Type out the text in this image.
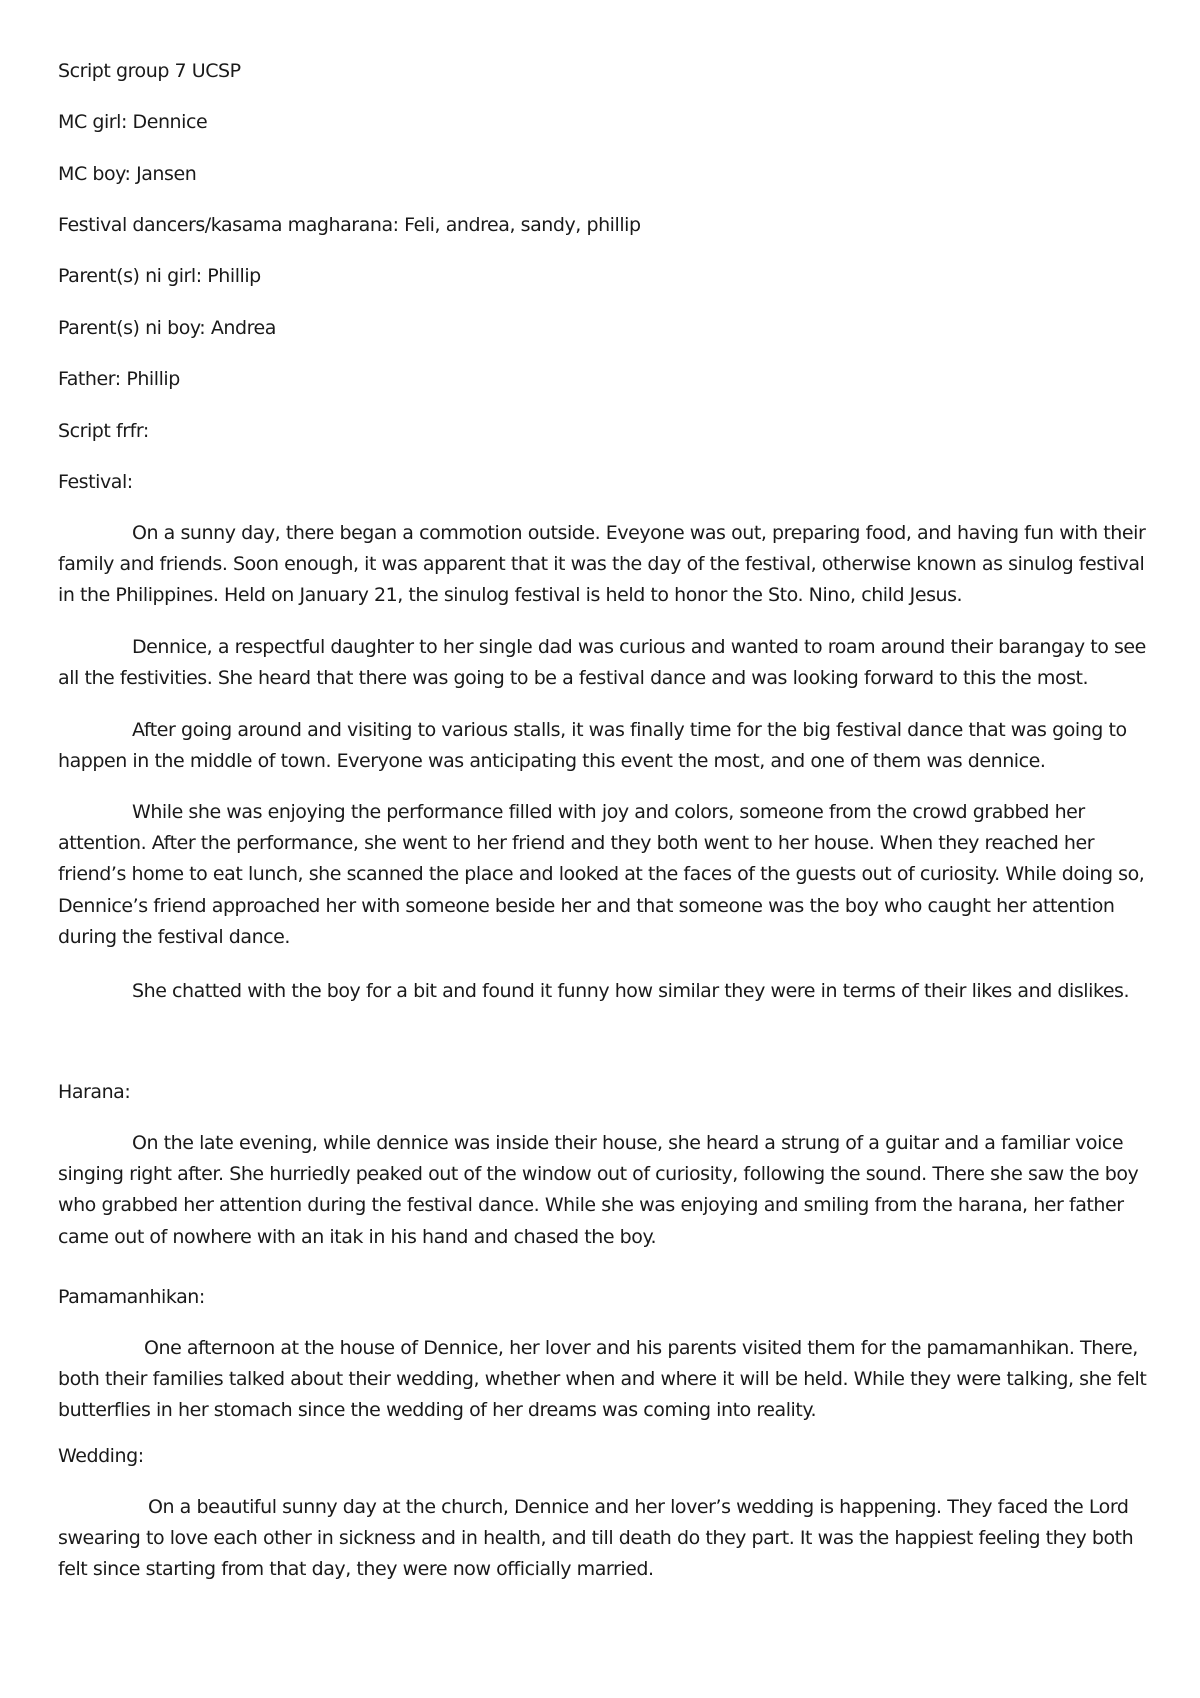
Script group 7 UCSP
MC girl: Dennice
MC boy: Jansen
Festival dancers/kasama magharana: Feli, andrea, sandy, phillip
Parent(s) ni girl: Phillip
Parent(s) ni boy: Andrea
Father: Phillip
Script frfr:
Festival:

On a sunny day, there began a commotion outside. Eveyone was out, preparing food, and having fun with their family and friends. Soon enough, it was apparent that it was the day of the festival, otherwise known as sinulog festival in the Philippines. Held on January 21, the sinulog festival is held to honor the Sto. Nino, child Jesus.

Dennice, a respectful daughter to her single dad was curious and wanted to roam around their barangay to see all the festivities. She heard that there was going to be a festival dance and was looking forward to this the most.

After going around and visiting to various stalls, it was finally time for the big festival dance that was going to happen in the middle of town. Everyone was anticipating this event the most, and one of them was dennice.

While she was enjoying the performance filled with joy and colors, someone from the crowd grabbed her attention. After the performance, she went to her friend and they both went to her house. When they reached her friend’s home to eat lunch, she scanned the place and looked at the faces of the guests out of curiosity. While doing so, Dennice’s friend approached her with someone beside her and that someone was the boy who caught her attention during the festival dance.

She chatted with the boy for a bit and found it funny how similar they were in terms of their likes and dislikes.

Harana:

On the late evening, while dennice was inside their house, she heard a strung of a guitar and a familiar voice singing right after. She hurriedly peaked out of the window out of curiosity, following the sound. There she saw the boy who grabbed her attention during the festival dance. While she was enjoying and smiling from the harana, her father came out of nowhere with an itak in his hand and chased the boy.

Pamamanhikan:

One afternoon at the house of Dennice, her lover and his parents visited them for the pamamanhikan. There, both their families talked about their wedding, whether when and where it will be held. While they were talking, she felt butterflies in her stomach since the wedding of her dreams was coming into reality.

Wedding:

On a beautiful sunny day at the church, Dennice and her lover’s wedding is happening. They faced the Lord swearing to love each other in sickness and in health, and till death do they part. It was the happiest feeling they both felt since starting from that day, they were now officially married.
